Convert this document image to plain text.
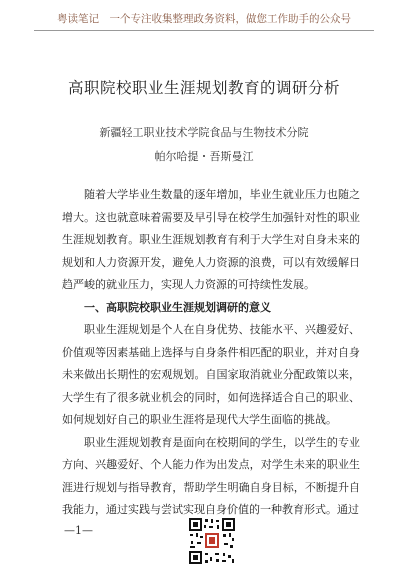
粤读笔记　一个专注收集整理政务资料，做您工作助手的公众号
高职院校职业生涯规划教育的调研分析
新疆轻工职业技术学院食品与生物技术分院
帕尔哈提・吾斯曼江

随着大学毕业生数量的逐年增加，毕业生就业压力也随之增大。这也就意味着需要及早引导在校学生加强针对性的职业生涯规划教育。职业生涯规划教育有利于大学生对自身未来的规划和人力资源开发，避免人力资源的浪费，可以有效缓解日趋严峻的就业压力，实现人力资源的可持续性发展。

一、高职院校职业生涯规划调研的意义

职业生涯规划是个人在自身优势、技能水平、兴趣爱好、价值观等因素基础上选择与自身条件相匹配的职业，并对自身未来做出长期性的宏观规划。自国家取消就业分配政策以来，大学生有了很多就业机会的同时，如何选择适合自己的职业、如何规划好自己的职业生涯将是现代大学生面临的挑战。

职业生涯规划教育是面向在校期间的学生，以学生的专业方向、兴趣爱好、个人能力作为出发点，对学生未来的职业生涯进行规划与指导教育，帮助学生明确自身目标，不断提升自我能力，通过实践与尝试实现自身价值的一种教育形式。通过

—1—
